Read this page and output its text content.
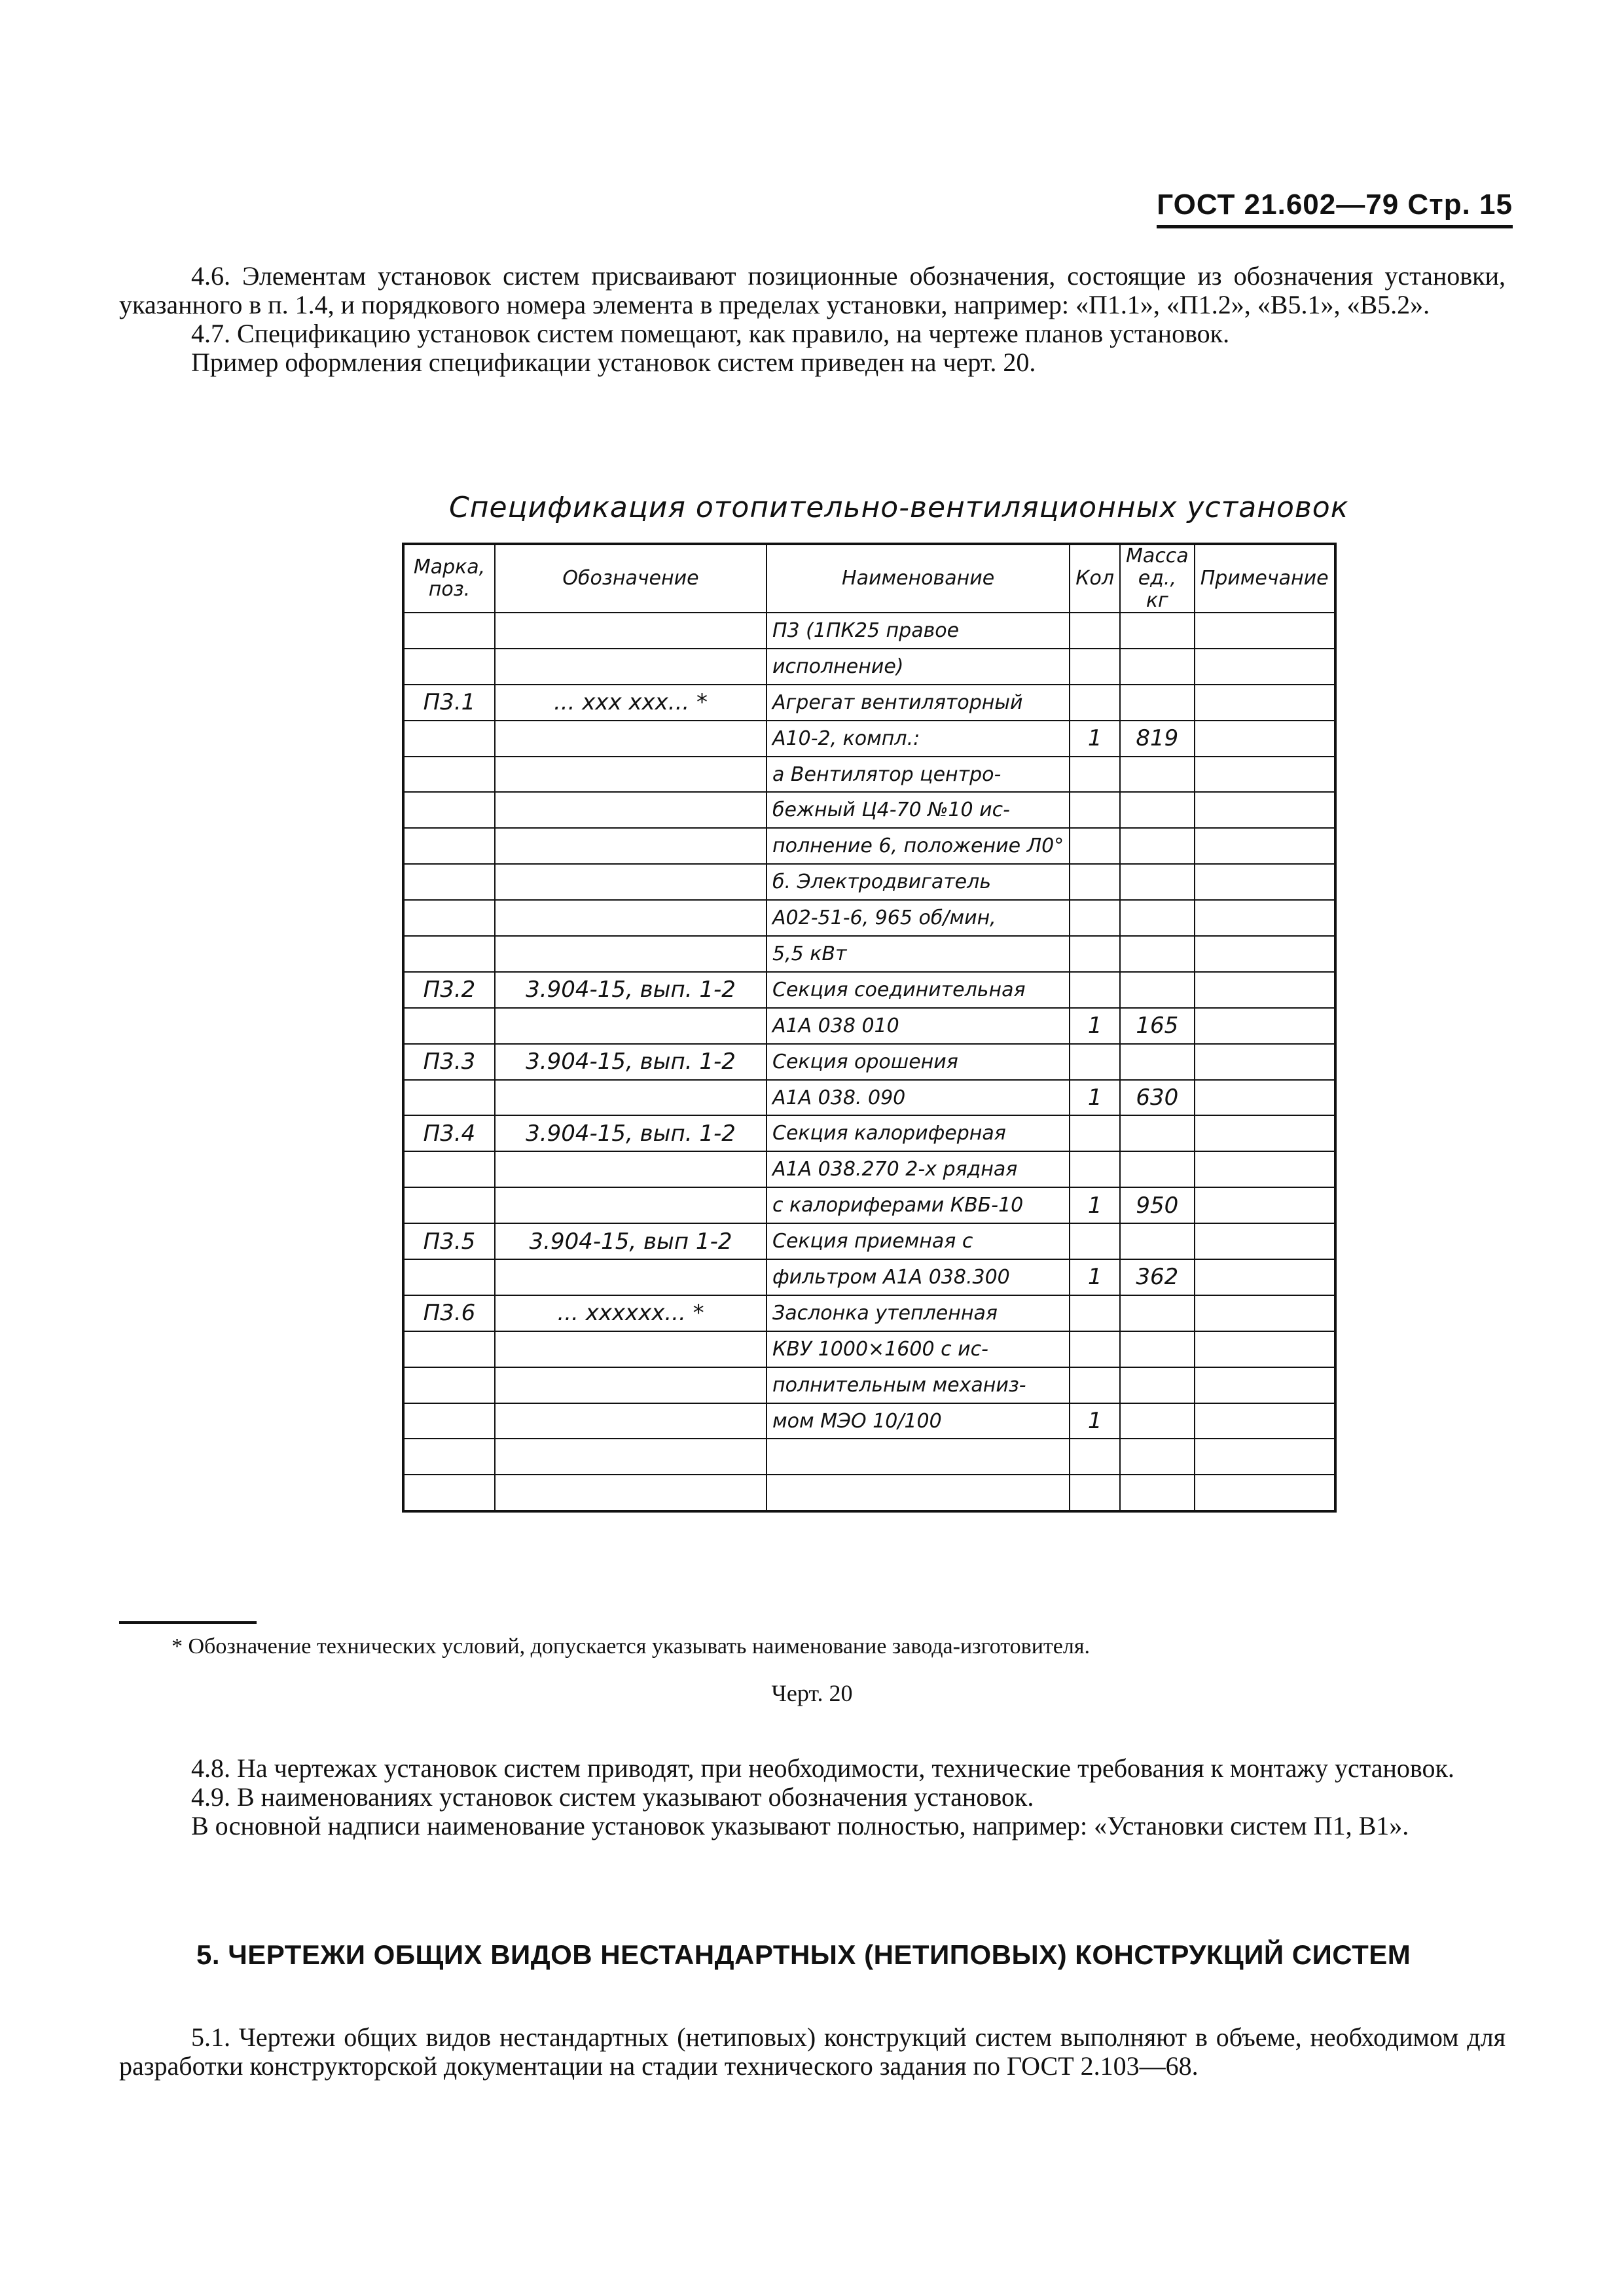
ГОСТ 21.602—79 Стр. 15

4.6. Элементам установок систем присваивают позиционные обозначения, состоящие из обозначения установки, указанного в п. 1.4, и порядкового номера элемента в пределах установки, например: «П1.1», «П1.2», «В5.1», «В5.2».

4.7. Спецификацию установок систем помещают, как правило, на чертеже планов установок.

Пример оформления спецификации установок систем приведен на черт. 20.

Спецификация отопительно-вентиляционных установок
Марка, поз.	Обозначение	Наименование	Кол	Масса ед., кг	Примечание
		П3 (1ПК25 правое			
		исполнение)			
П3.1	... ххх ххх... *	Агрегат вентиляторный			
		А10-2, компл.:	1	819	
		а Вентилятор центро-			
		бежный Ц4-70 №10 ис-			
		полнение 6, положение Л0°			
		б. Электродвигатель			
		А02-51-6, 965 об/мин,			
		5,5 кВт			
П3.2	3.904-15, вып. 1-2	Секция соединительная			
		А1А 038 010	1	165	
П3.3	3.904-15, вып. 1-2	Секция орошения			
		А1А 038. 090	1	630	
П3.4	3.904-15, вып. 1-2	Секция калориферная			
		А1А 038.270 2-х рядная			
		с калориферами КВБ-10	1	950	
П3.5	3.904-15, вып 1-2	Секция приемная с			
		фильтром А1А 038.300	1	362	
П3.6	... хххххх... *	Заслонка утепленная			
		КВУ 1000×1600 с ис-			
		полнительным механиз-			
		мом МЭО 10/100	1		

* Обозначение технических условий, допускается указывать наименование завода-изготовителя.
Черт. 20

4.8. На чертежах установок систем приводят, при необходимости, технические требования к монтажу установок.

4.9. В наименованиях установок систем указывают обозначения установок.

В основной надписи наименование установок указывают полностью, например: «Установки систем П1, В1».

5. ЧЕРТЕЖИ ОБЩИХ ВИДОВ НЕСТАНДАРТНЫХ (НЕТИПОВЫХ) КОНСТРУКЦИЙ СИСТЕМ

5.1. Чертежи общих видов нестандартных (нетиповых) конструкций систем выполняют в объеме, необходимом для разработки конструкторской документации на стадии технического задания по ГОСТ 2.103—68.
